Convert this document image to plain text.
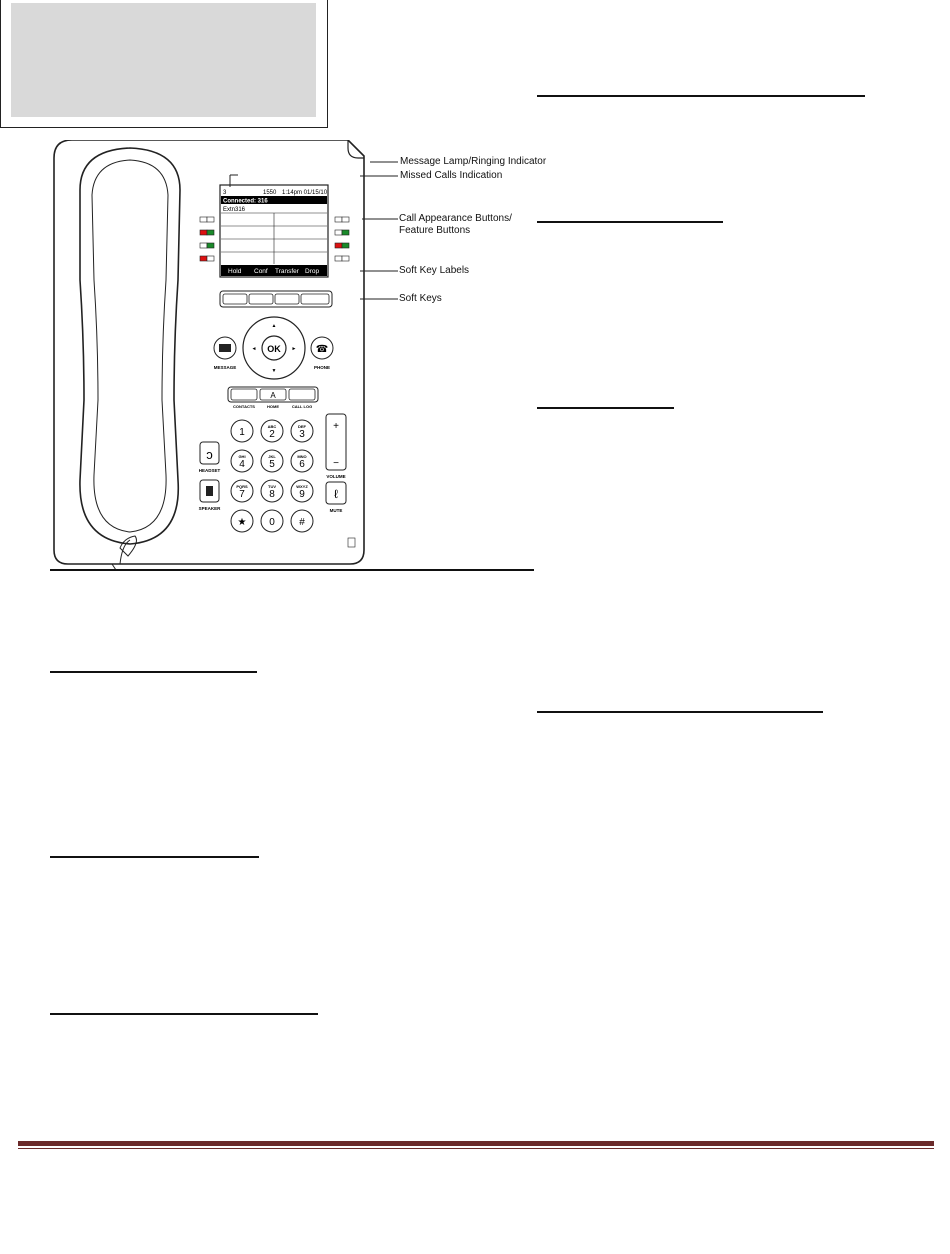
3	1550 1:14pm 01/15/10
Connected: 316
Extn316
Hold Conf Transfer Drop
OK
▲
▼
◄	►
MESSAGE
☎
PHONE
A
CONTACTS	HOME	CALL LOG
ͻ
HEADSET
SPEAKER
+
−
VOLUME
ℓ
MUTE
1
ABC
2
DEF
3
GHI
4
JKL
5
MNO
6
PQRS
7
TUV
8
WXYZ
9
★ 0 #
Message Lamp/Ringing Indicator
Missed Calls Indication
Call Appearance Buttons/
Feature Buttons
Soft Key Labels
Soft Keys
